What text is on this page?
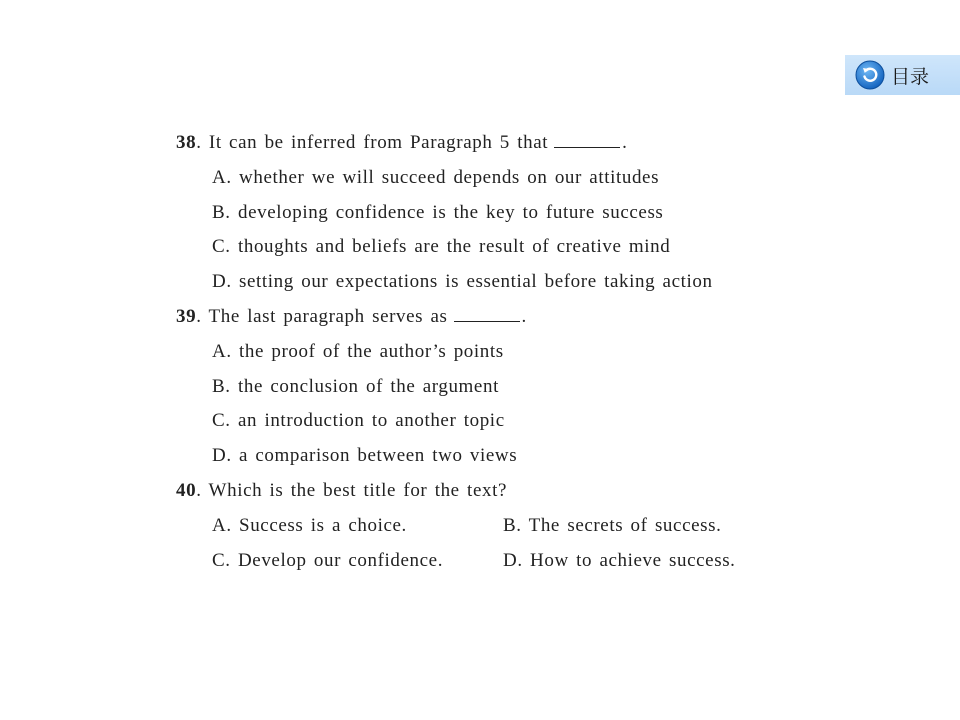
目录
38. It can be inferred from Paragraph 5 that	.
A. whether we will succeed depends on our attitudes
B. developing confidence is the key to future success
C. thoughts and beliefs are the result of creative mind
D. setting our expectations is essential before taking action
39. The last paragraph serves as	.
A. the proof of the author’s points
B. the conclusion of the argument
C. an introduction to another topic
D. a comparison between two views
40. Which is the best title for the text?
A. Success is a choice.	B. The secrets of success.
C. Develop our confidence.	D. How to achieve success.
